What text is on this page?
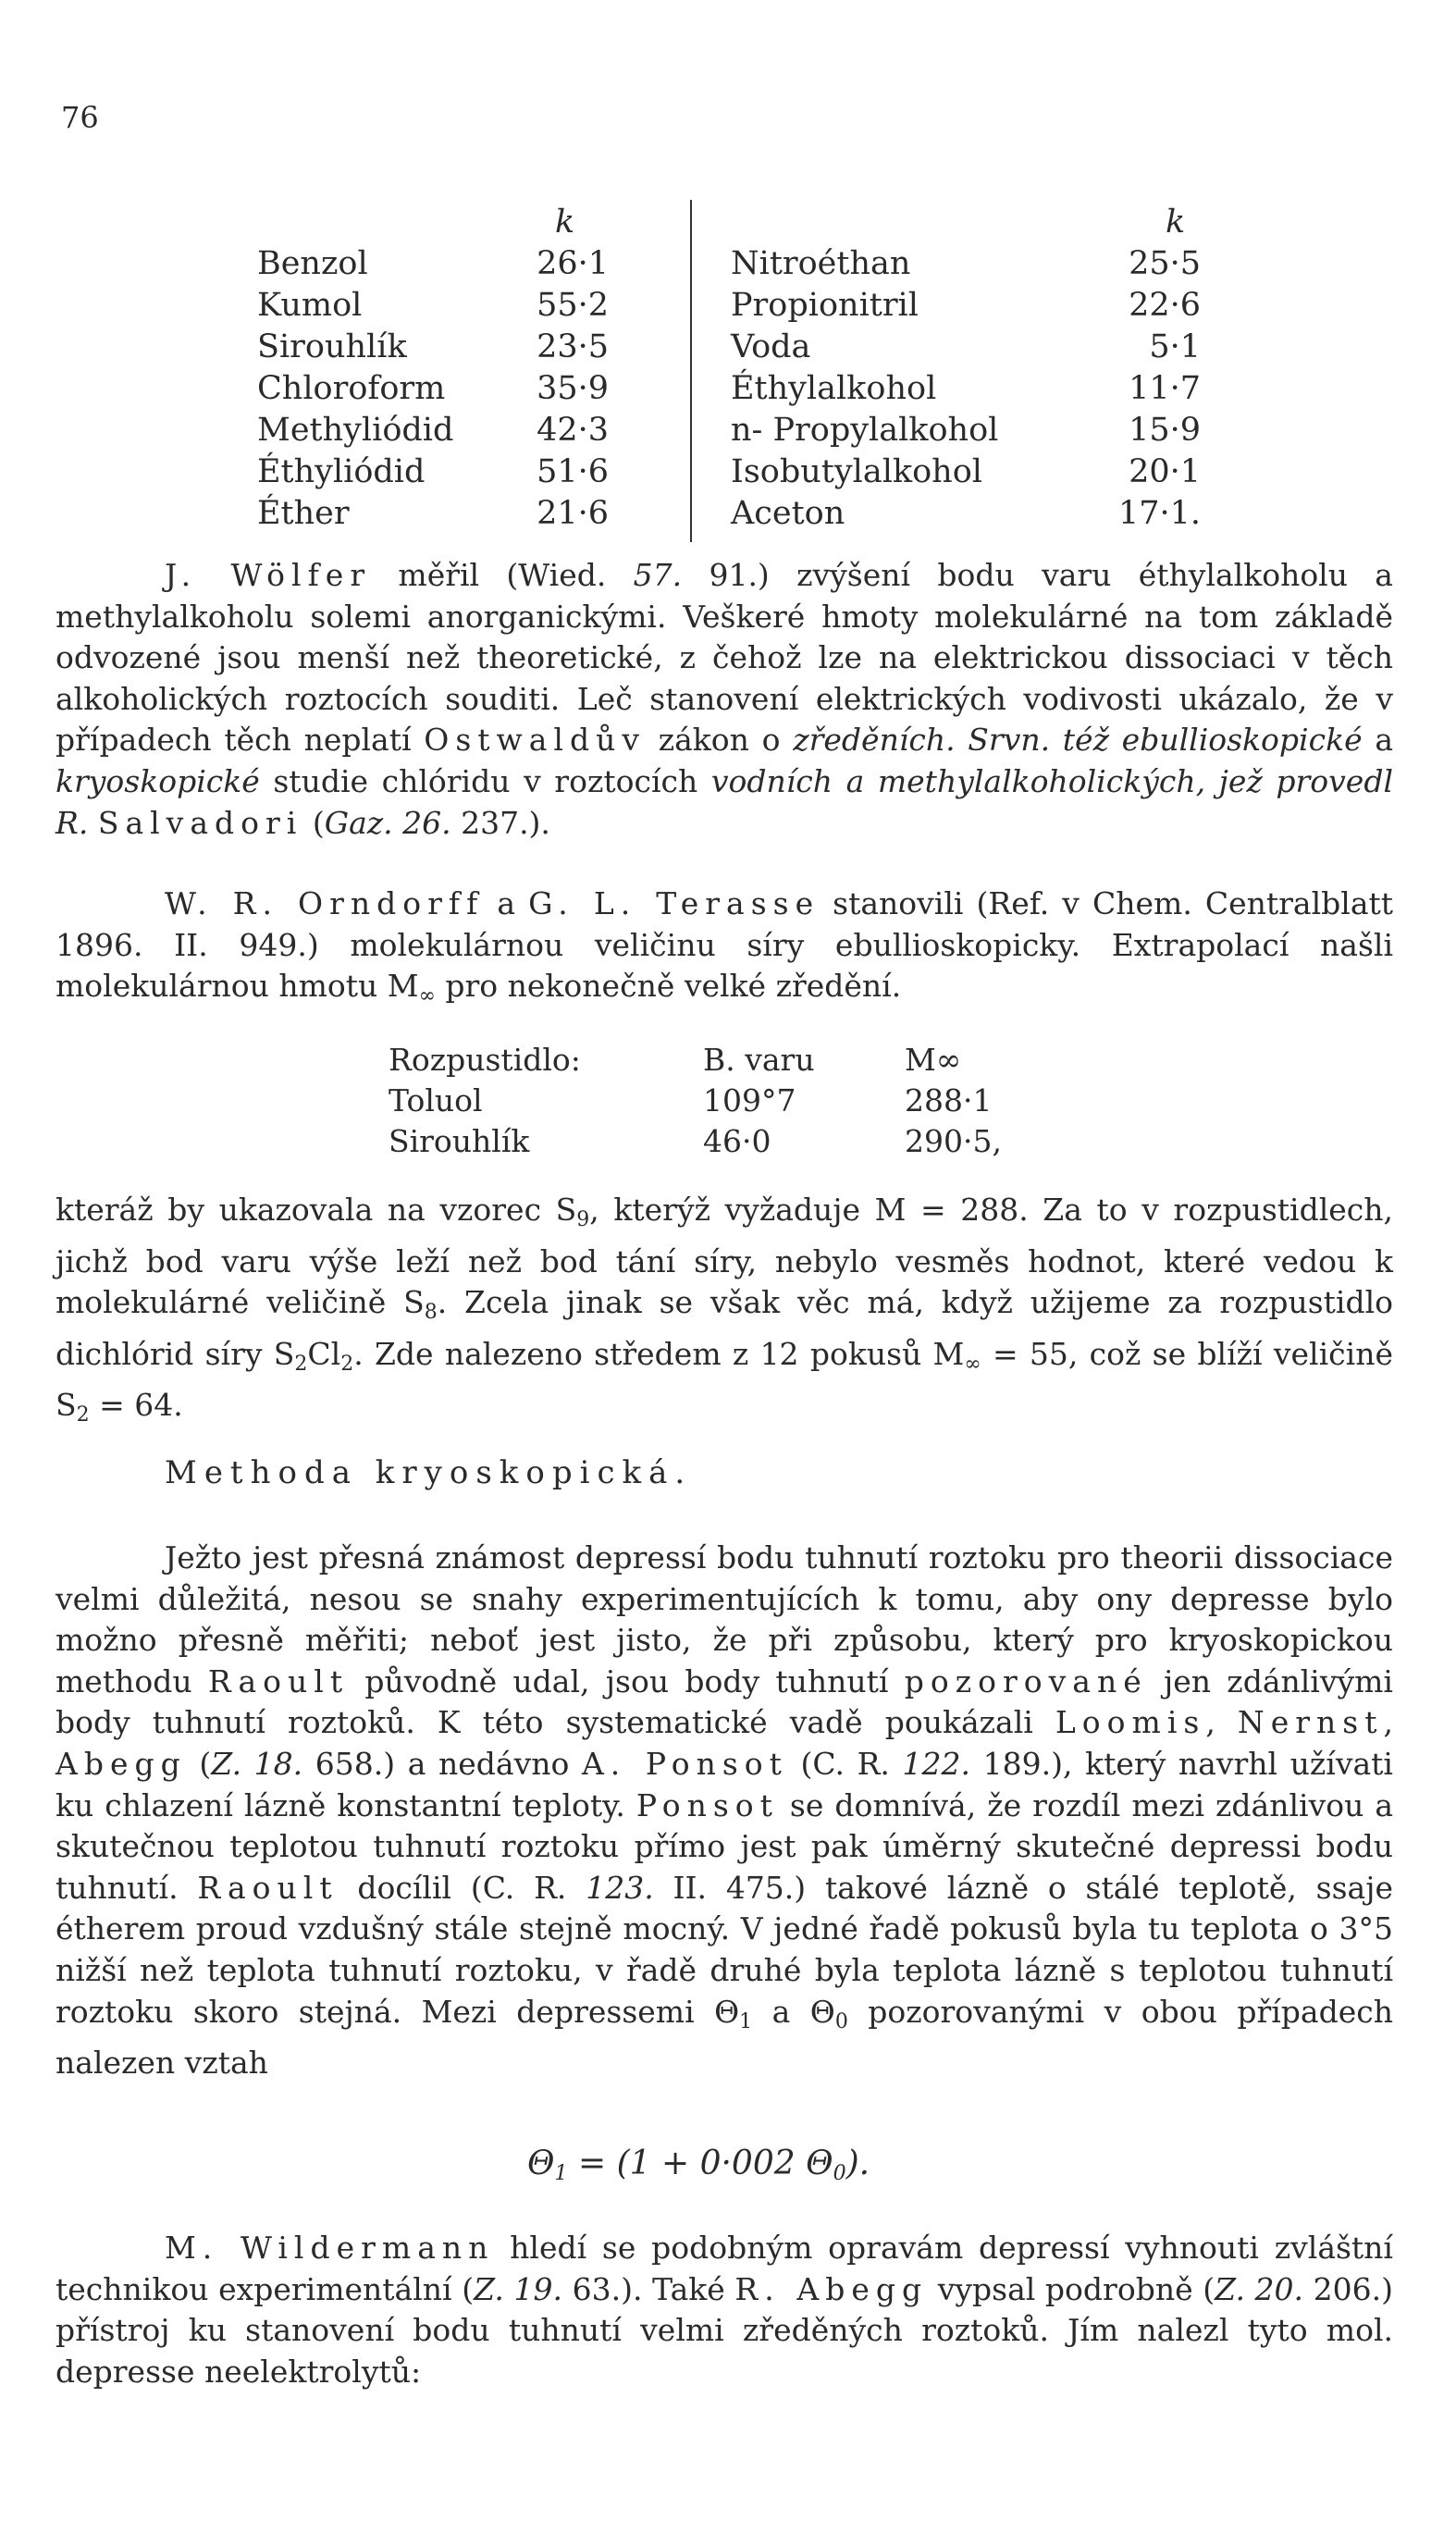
76
k
Benzol	26·1
Kumol	55·2
Sirouhlík	23·5
Chloroform	35·9
Methyliódid	42·3
Éthyliódid	51·6
Éther	21·6
k
Nitroéthan	25·5
Propionitril	22·6
Voda	5·1
Éthylalkohol	11·7
n- Propylalkohol	15·9
Isobutylalkohol	20·1
Aceton	17·1.

J. Wölfer měřil (Wied. 57. 91.) zvýšení bodu varu éthylalkoholu a methylalkoholu solemi anorganickými. Veškeré hmoty molekulárné na tom základě odvozené jsou menší než theoretické, z čehož lze na elektrickou dissociaci v těch alkoholických roztocích souditi. Leč stanovení elektrických vodivosti ukázalo, že v případech těch neplatí Ostwaldův zákon o zředěních. Srvn. též ebullioskopické a kryoskopické studie chlóridu v roztocích vodních a methylalkoholických, jež provedl R. Salvadori (Gaz. 26. 237.).

W. R. Orndorff a G. L. Terasse stanovili (Ref. v Chem. Centralblatt 1896. II. 949.) molekulárnou veličinu síry ebullioskopicky. Extrapolací našli molekulárnou hmotu $M_\infty$ pro nekonečně velké zředění.

Rozpustidlo:	B. varu	M∞
Toluol	109°7	288·1
Sirouhlík	46·0	290·5,

kteráž by ukazovala na vzorec $S_9$, kterýž vyžaduje M = 288. Za to v rozpustidlech, jichž bod varu výše leží než bod tání síry, nebylo vesměs hodnot, které vedou k molekulárné veličině $S_8$. Zcela jinak se však věc má, když užijeme za rozpustidlo dichlórid síry $S_2Cl_2$. Zde nalezeno středem z 12 pokusů $M_\infty = 55$, což se blíží veličině $S_2 = 64$.

Methoda kryoskopická.

Ježto jest přesná známost depressí bodu tuhnutí roztoku pro theorii dissociace velmi důležitá, nesou se snahy experimentujících k tomu, aby ony depresse bylo možno přesně měřiti; neboť jest jisto, že při způsobu, který pro kryoskopickou methodu Raoult původně udal, jsou body tuhnutí pozorované jen zdánlivými body tuhnutí roztoků. K této systematické vadě poukázali Loomis, Nernst, Abegg (Z. 18. 658.) a nedávno A. Ponsot (C. R. 122. 189.), který navrhl užívati ku chlazení lázně konstantní teploty. Ponsot se domnívá, že rozdíl mezi zdánlivou a skutečnou teplotou tuhnutí roztoku přímo jest pak úměrný skutečné depressi bodu tuhnutí. Raoult docílil (C. R. 123. II. 475.) takové lázně o stálé teplotě, ssaje étherem proud vzdušný stále stejně mocný. V jedné řadě pokusů byla tu teplota o 3°5 nižší než teplota tuhnutí roztoku, v řadě druhé byla teplota lázně s teplotou tuhnutí roztoku skoro stejná. Mezi depressemi $\Theta_1$ a $\Theta_0$ pozorovanými v obou případech nalezen vztah

$\Theta_1 = (1 + 0\cdot 002$ $\Theta_0$).

M. Wildermann hledí se podobným opravám depressí vyhnouti zvláštní technikou experimentální (Z. 19. 63.). Také R. Abegg vypsal podrobně (Z. 20. 206.) přístroj ku stanovení bodu tuhnutí velmi zředěných roztoků. Jím nalezl tyto mol. depresse neelektrolytů:
